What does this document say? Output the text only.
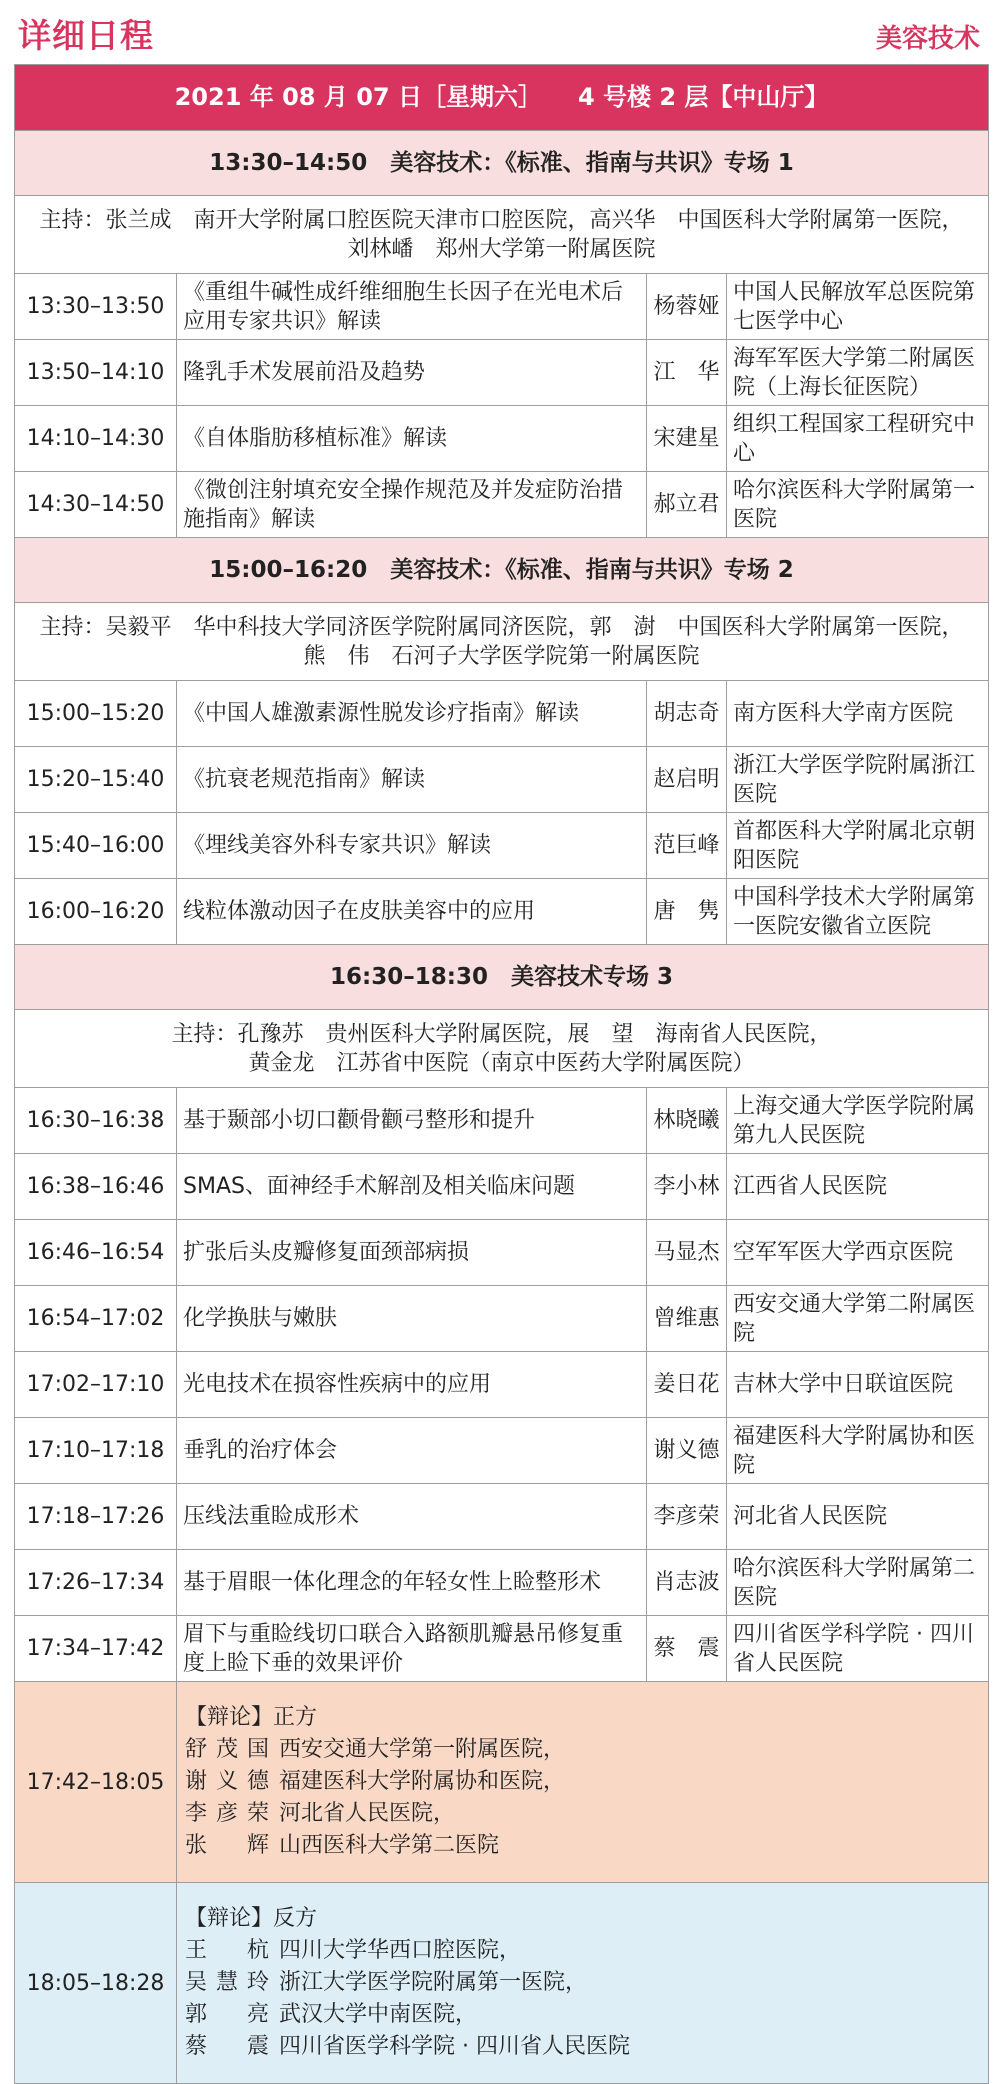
详细日程	美容技术
2021 年 08 月 07 日［星期六］　　4 号楼 2 层【中山厅】			
13:30–14:50　美容技术：《标准、指南与共识》专场 1			

主持：张兰成　南开大学附属口腔医院天津市口腔医院，高兴华　中国医科大学附属第一医院，
刘林嶓　郑州大学第一附属医院			

13:30–13:50	《重组牛碱性成纤维细胞生长因子在光电术后应用专家共识》解读	杨蓉娅	中国人民解放军总医院第七医学中心
13:50–14:10	隆乳手术发展前沿及趋势	江　华	海军军医大学第二附属医院（上海长征医院）
14:10–14:30	《自体脂肪移植标准》解读	宋建星	组织工程国家工程研究中心
14:30–14:50	《微创注射填充安全操作规范及并发症防治措施指南》解读	郝立君	哈尔滨医科大学附属第一医院
15:00–16:20　美容技术：《标准、指南与共识》专场 2			

主持：吴毅平　华中科技大学同济医学院附属同济医院，郭　澍　中国医科大学附属第一医院，
熊　伟　石河子大学医学院第一附属医院			

15:00–15:20	《中国人雄激素源性脱发诊疗指南》解读	胡志奇	南方医科大学南方医院
15:20–15:40	《抗衰老规范指南》解读	赵启明	浙江大学医学院附属浙江医院
15:40–16:00	《埋线美容外科专家共识》解读	范巨峰	首都医科大学附属北京朝阳医院
16:00–16:20	线粒体激动因子在皮肤美容中的应用	唐　隽	中国科学技术大学附属第一医院安徽省立医院
16:30–18:30　美容技术专场 3			

主持：孔豫苏　贵州医科大学附属医院，展　望　海南省人民医院，
黄金龙　江苏省中医院（南京中医药大学附属医院）			

16:30–16:38	基于颞部小切口颧骨颧弓整形和提升	林晓曦	上海交通大学医学院附属第九人民医院
16:38–16:46	SMAS、面神经手术解剖及相关临床问题	李小林	江西省人民医院
16:46–16:54	扩张后头皮瓣修复面颈部病损	马显杰	空军军医大学西京医院
16:54–17:02	化学换肤与嫩肤	曾维惠	西安交通大学第二附属医院
17:02–17:10	光电技术在损容性疾病中的应用	姜日花	吉林大学中日联谊医院
17:10–17:18	垂乳的治疗体会	谢义德	福建医科大学附属协和医院
17:18–17:26	压线法重睑成形术	李彦荣	河北省人民医院
17:26–17:34	基于眉眼一体化理念的年轻女性上睑整形术	肖志波	哈尔滨医科大学附属第二医院
17:34–17:42	眉下与重睑线切口联合入路额肌瓣悬吊修复重度上睑下垂的效果评价	蔡　震	四川省医学科学院 · 四川省人民医院
17:42–18:05	【辩论】正方
舒茂国 西安交通大学第一附属医院，
谢义德 福建医科大学附属协和医院，
李彦荣 河北省人民医院，
张　辉 山西医科大学第二医院		

18:05–18:28	【辩论】反方
王　杭 四川大学华西口腔医院，
吴慧玲 浙江大学医学院附属第一医院，
郭　亮 武汉大学中南医院，
蔡　震 四川省医学科学院 · 四川省人民医院		
